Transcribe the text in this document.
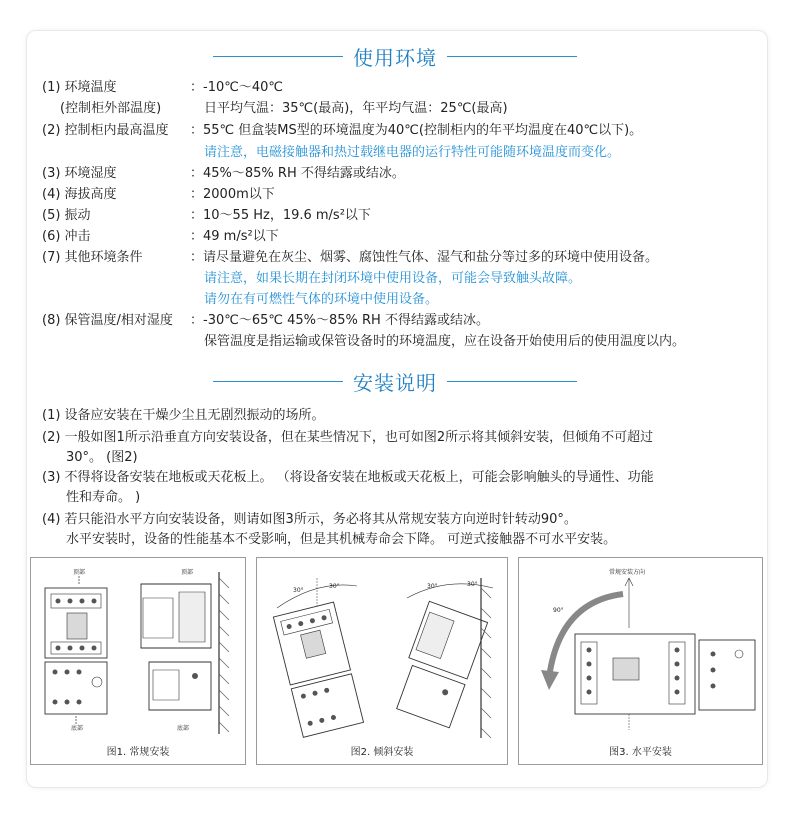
使用环境
(1) 环境温度	：-10℃～40℃
(控制柜外部温度)	日平均气温：35℃(最高)，年平均气温：25℃(最高)
(2) 控制柜内最高温度 ：55℃ 但盒装MS型的环境温度为40℃(控制柜内的年平均温度在40℃以下)。
请注意，电磁接触器和热过载继电器的运行特性可能随环境温度而变化。
(3) 环境湿度	：45%～85% RH 不得结露或结冰。
(4) 海拔高度	：2000m以下
(5) 振动	：10～55 Hz，19.6 m/s²以下
(6) 冲击	：49 m/s²以下
(7) 其他环境条件	：请尽量避免在灰尘、烟雾、腐蚀性气体、湿气和盐分等过多的环境中使用设备。
请注意，如果长期在封闭环境中使用设备，可能会导致触头故障。
请勿在有可燃性气体的环境中使用设备。
(8) 保管温度/相对湿度 ：-30℃～65℃ 45%～85% RH 不得结露或结冰。
保管温度是指运输或保管设备时的环境温度，应在设备开始使用后的使用温度以内。
安装说明
(1) 设备应安装在干燥少尘且无剧烈振动的场所。
(2) 一般如图1所示沿垂直方向安装设备，但在某些情况下，也可如图2所示将其倾斜安装，但倾角不可超过
30°。 (图2)
(3) 不得将设备安装在地板或天花板上。 （将设备安装在地板或天花板上，可能会影响触头的导通性、功能
性和寿命。 )
(4) 若只能沿水平方向安装设备，则请如图3所示，务必将其从常规安装方向逆时针转动90°。
水平安装时，设备的性能基本不受影响，但是其机械寿命会下降。 可逆式接触器不可水平安装。
顶部
底部
顶部
底部
图1. 常规安装
30°
30°	30°	30°
图2. 倾斜安装
常规安装方向
90°
图3. 水平安装
